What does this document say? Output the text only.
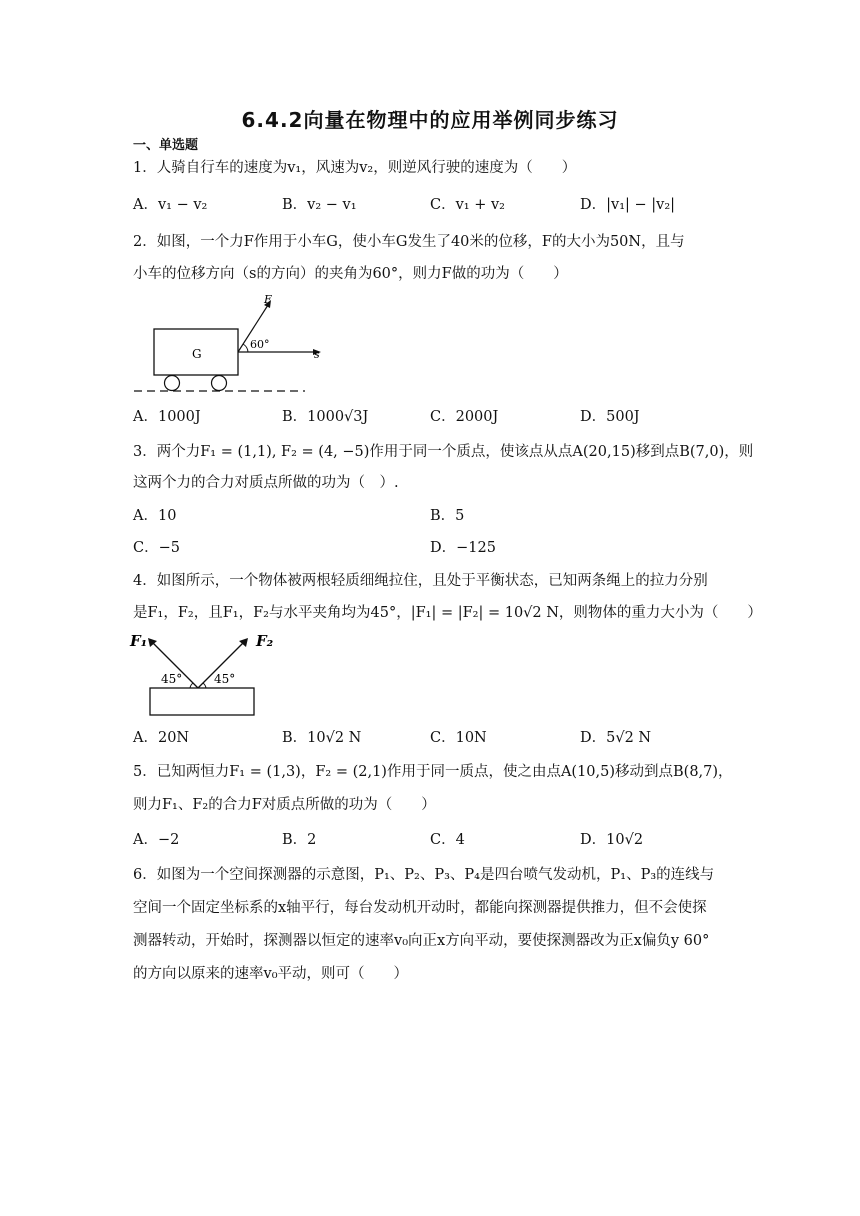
6.4.2向量在物理中的应用举例同步练习
一、单选题
1．人骑自行车的速度为v₁，风速为v₂，则逆风行驶的速度为（　　）
A．v₁ − v₂	B．v₂ − v₁	C．v₁ + v₂	D．|v₁| − |v₂|
2．如图，一个力F作用于小车G，使小车G发生了40米的位移，F的大小为50N，且与
小车的位移方向（s的方向）的夹角为60°，则力F做的功为（　　）
G	s
F
60°
A．1000J	B．1000√3J	C．2000J	D．500J
3．两个力F₁ = (1,1), F₂ = (4, −5)作用于同一个质点，使该点从点A(20,15)移到点B(7,0)，则
这两个力的合力对质点所做的功为（　）.
A．10	B．5
C．−5	D．−125
4．如图所示，一个物体被两根轻质细绳拉住，且处于平衡状态，已知两条绳上的拉力分别
是F₁，F₂，且F₁，F₂与水平夹角均为45°，|F₁| = |F₂| = 10√2 N，则物体的重力大小为（　　）
F₁	F₂
45°	45°
A．20N	B．10√2 N	C．10N	D．5√2 N
5．已知两恒力F₁ = (1,3)，F₂ = (2,1)作用于同一质点，使之由点A(10,5)移动到点B(8,7)，
则力F₁、F₂的合力F对质点所做的功为（　　）
A．−2	B．2	C．4	D．10√2
6．如图为一个空间探测器的示意图，P₁、P₂、P₃、P₄是四台喷气发动机，P₁、P₃的连线与
空间一个固定坐标系的x轴平行，每台发动机开动时，都能向探测器提供推力，但不会使探
测器转动，开始时，探测器以恒定的速率v₀向正x方向平动，要使探测器改为正x偏负y 60°
的方向以原来的速率v₀平动，则可（　　）
